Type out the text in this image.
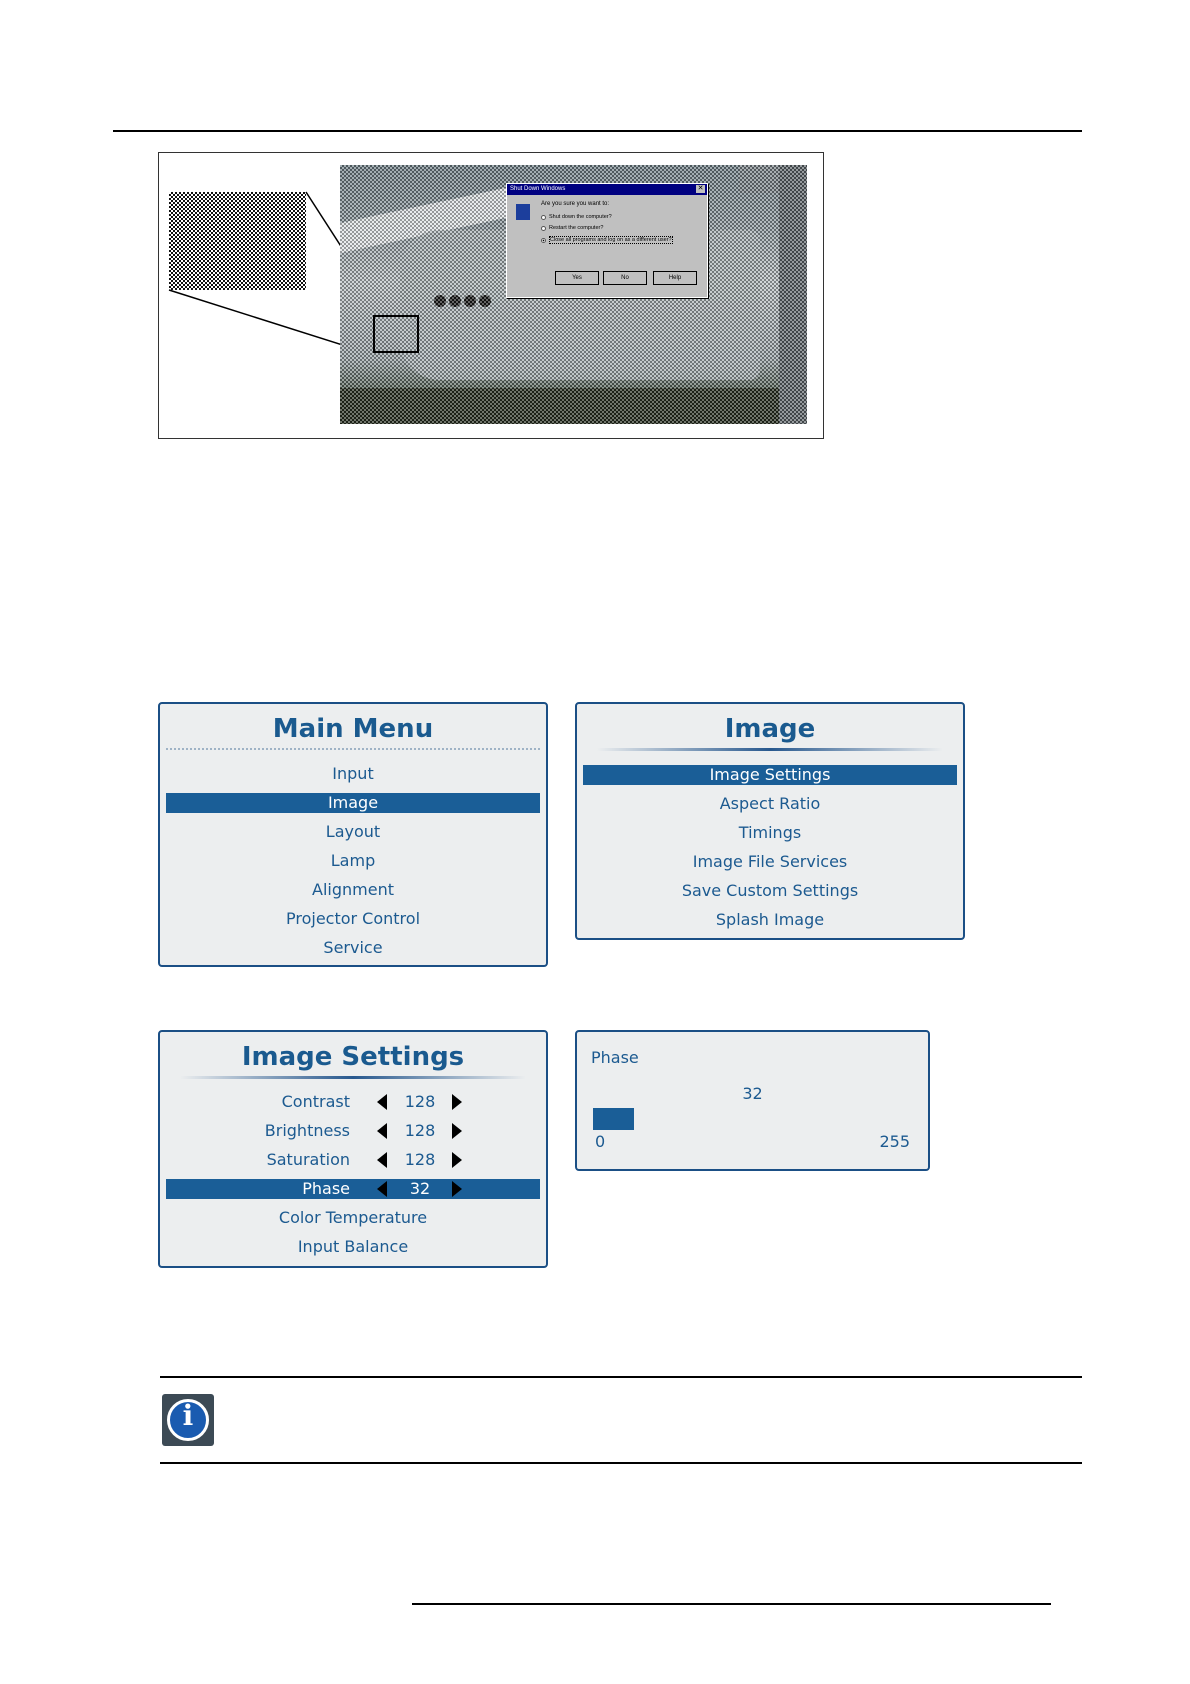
Shut Down Windows	✕
Are you sure you want to:
Shut down the computer?
Restart the computer?
Close all programs and log on as a different user?
Yes	No	Help
Main Menu
Input
Image
Layout
Lamp
Alignment
Projector Control
Service
Image
Image Settings
Aspect Ratio
Timings
Image File Services
Save Custom Settings
Splash Image
Image Settings
Contrast	128
Brightness	128
Saturation	128
Phase	32
Color Temperature
Input Balance
Phase
32
0	255
i
